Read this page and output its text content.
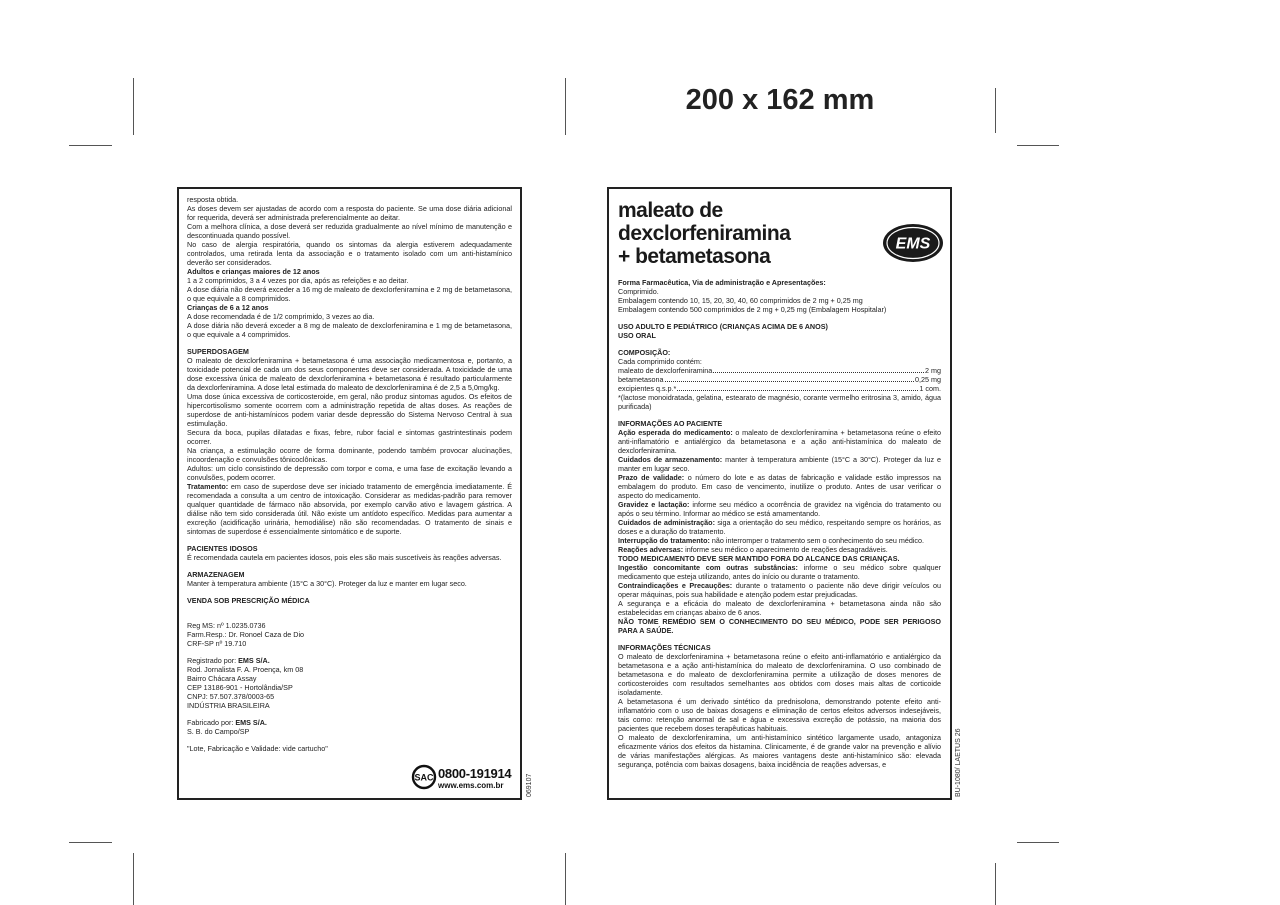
200 x 162 mm

resposta obtida.

As doses devem ser ajustadas de acordo com a resposta do paciente. Se uma dose diária adicional for requerida, deverá ser administrada preferencialmente ao deitar.

Com a melhora clínica, a dose deverá ser reduzida gradualmente ao nível mínimo de manutenção e descontinuada quando possível.

No caso de alergia respiratória, quando os sintomas da alergia estiverem adequadamente controlados, uma retirada lenta da associação e o tratamento isolado com um anti-histamínico deverão ser considerados.

Adultos e crianças maiores de 12 anos

1 a 2 comprimidos, 3 a 4 vezes por dia, após as refeições e ao deitar.

A dose diária não deverá exceder a 16 mg de maleato de dexclorfeniramina e 2 mg de betametasona, o que equivale a 8 comprimidos.

Crianças de 6 a 12 anos

A dose recomendada é de 1/2 comprimido, 3 vezes ao dia.

A dose diária não deverá exceder a 8 mg de maleato de dexclorfeniramina e 1 mg de betametasona, o que equivale a 4 comprimidos.

SUPERDOSAGEM

O maleato de dexclorfeniramina + betametasona é uma associação medicamentosa e, portanto, a toxicidade potencial de cada um dos seus componentes deve ser considerada. A toxicidade de uma dose excessiva única de maleato de dexclorfeniramina + betametasona é resultado particularmente da dexclorfeniramina. A dose letal estimada do maleato de dexclorfeniramina é de 2,5 a 5,0mg/kg.

Uma dose única excessiva de corticosteroide, em geral, não produz sintomas agudos. Os efeitos de hipercortisolismo somente ocorrem com a administração repetida de altas doses. As reações de superdose de anti-histamínicos podem variar desde depressão do Sistema Nervoso Central à sua estimulação.

Secura da boca, pupilas dilatadas e fixas, febre, rubor facial e sintomas gastrintestinais podem ocorrer.

Na criança, a estimulação ocorre de forma dominante, podendo também provocar alucinações, incoordenação e convulsões tônicoclônicas.

Adultos: um ciclo consistindo de depressão com torpor e coma, e uma fase de excitação levando a convulsões, podem ocorrer.

Tratamento: em caso de superdose deve ser iniciado tratamento de emergência imediatamente. É recomendada a consulta a um centro de intoxicação. Considerar as medidas-padrão para remover qualquer quantidade de fármaco não absorvida, por exemplo carvão ativo e lavagem gástrica. A diálise não tem sido considerada útil. Não existe um antídoto específico. Medidas para aumentar a excreção (acidificação urinária, hemodiálise) não são recomendadas. O tratamento de sinais e sintomas de superdose é essencialmente sintomático e de suporte.

PACIENTES IDOSOS

É recomendada cautela em pacientes idosos, pois eles são mais suscetíveis às reações adversas.

ARMAZENAGEM

Manter à temperatura ambiente (15°C a 30°C). Proteger da luz e manter em lugar seco.

VENDA SOB PRESCRIÇÃO MÉDICA

Reg MS: nº 1.0235.0736

Farm.Resp.: Dr. Ronoel Caza de Dio

CRF-SP nº 19.710

Registrado por: EMS S/A.

Rod. Jornalista F. A. Proença, km 08

Bairro Chácara Assay

CEP 13186-901 - Hortolândia/SP

CNPJ: 57.507.378/0003-65

INDÚSTRIA BRASILEIRA

Fabricado por: EMS S/A.

S. B. do Campo/SP

"Lote, Fabricação e Validade: vide cartucho"

SAC 0800-191914
www.ems.com.br	069107
maleato de dexclorfeniramina
+ betametasona
EMS

Forma Farmacêutica, Via de administração e Apresentações:

Comprimido.

Embalagem contendo 10, 15, 20, 30, 40, 60 comprimidos de 2 mg + 0,25 mg

Embalagem contendo 500 comprimidos de 2 mg + 0,25 mg (Embalagem Hospitalar)

USO ADULTO E PEDIÁTRICO (CRIANÇAS ACIMA DE 6 ANOS)

USO ORAL

COMPOSIÇÃO:

Cada comprimido contém:

maleato de dexclorfeniramina	2 mg
betametasona	0,25 mg
excipientes q.s.p.*	1 com.

*(lactose monoidratada, gelatina, estearato de magnésio, corante vermelho eritrosina 3, amido, água purificada)

INFORMAÇÕES AO PACIENTE

Ação esperada do medicamento: o maleato de dexclorfeniramina + betametasona reúne o efeito anti-inflamatório e antialérgico da betametasona e a ação anti-histamínica do maleato de dexclorfeniramina.

Cuidados de armazenamento: manter à temperatura ambiente (15°C a 30°C). Proteger da luz e manter em lugar seco.

Prazo de validade: o número do lote e as datas de fabricação e validade estão impressos na embalagem do produto. Em caso de vencimento, inutilize o produto. Antes de usar verificar o aspecto do medicamento.

Gravidez e lactação: informe seu médico a ocorrência de gravidez na vigência do tratamento ou após o seu término. Informar ao médico se está amamentando.

Cuidados de administração: siga a orientação do seu médico, respeitando sempre os horários, as doses e a duração do tratamento.

Interrupção do tratamento: não interromper o tratamento sem o conhecimento do seu médico.

Reações adversas: informe seu médico o aparecimento de reações desagradáveis.

TODO MEDICAMENTO DEVE SER MANTIDO FORA DO ALCANCE DAS CRIANÇAS.

Ingestão concomitante com outras substâncias: informe o seu médico sobre qualquer medicamento que esteja utilizando, antes do início ou durante o tratamento.

Contraindicações e Precauções: durante o tratamento o paciente não deve dirigir veículos ou operar máquinas, pois sua habilidade e atenção podem estar prejudicadas.

A segurança e a eficácia do maleato de dexclorfeniramina + betametasona ainda não são estabelecidas em crianças abaixo de 6 anos.

NÃO TOME REMÉDIO SEM O CONHECIMENTO DO SEU MÉDICO, PODE SER PERIGOSO PARA A SAÚDE.

INFORMAÇÕES TÉCNICAS

O maleato de dexclorfeniramina + betametasona reúne o efeito anti-inflamatório e antialérgico da betametasona e a ação anti-histamínica do maleato de dexclorfeniramina. O uso combinado de betametasona e do maleato de dexclorfeniramina permite a utilização de doses menores de corticosteroides com resultados semelhantes aos obtidos com doses mais altas de corticoide isoladamente.

A betametasona é um derivado sintético da prednisolona, demonstrando potente efeito anti-inflamatório com o uso de baixas dosagens e eliminação de certos efeitos adversos indesejáveis, tais como: retenção anormal de sal e água e excessiva excreção de potássio, na maioria dos pacientes que recebem doses terapêuticas habituais.

O maleato de dexclorfeniramina, um anti-histamínico sintético largamente usado, antagoniza eficazmente vários dos efeitos da histamina. Clinicamente, é de grande valor na prevenção e alívio de várias manifestações alérgicas. As maiores vantagens deste anti-histamínico são: elevada segurança, potência com baixas dosagens, baixa incidência de reações adversas, e	BU-1080/ LAETUS 26
